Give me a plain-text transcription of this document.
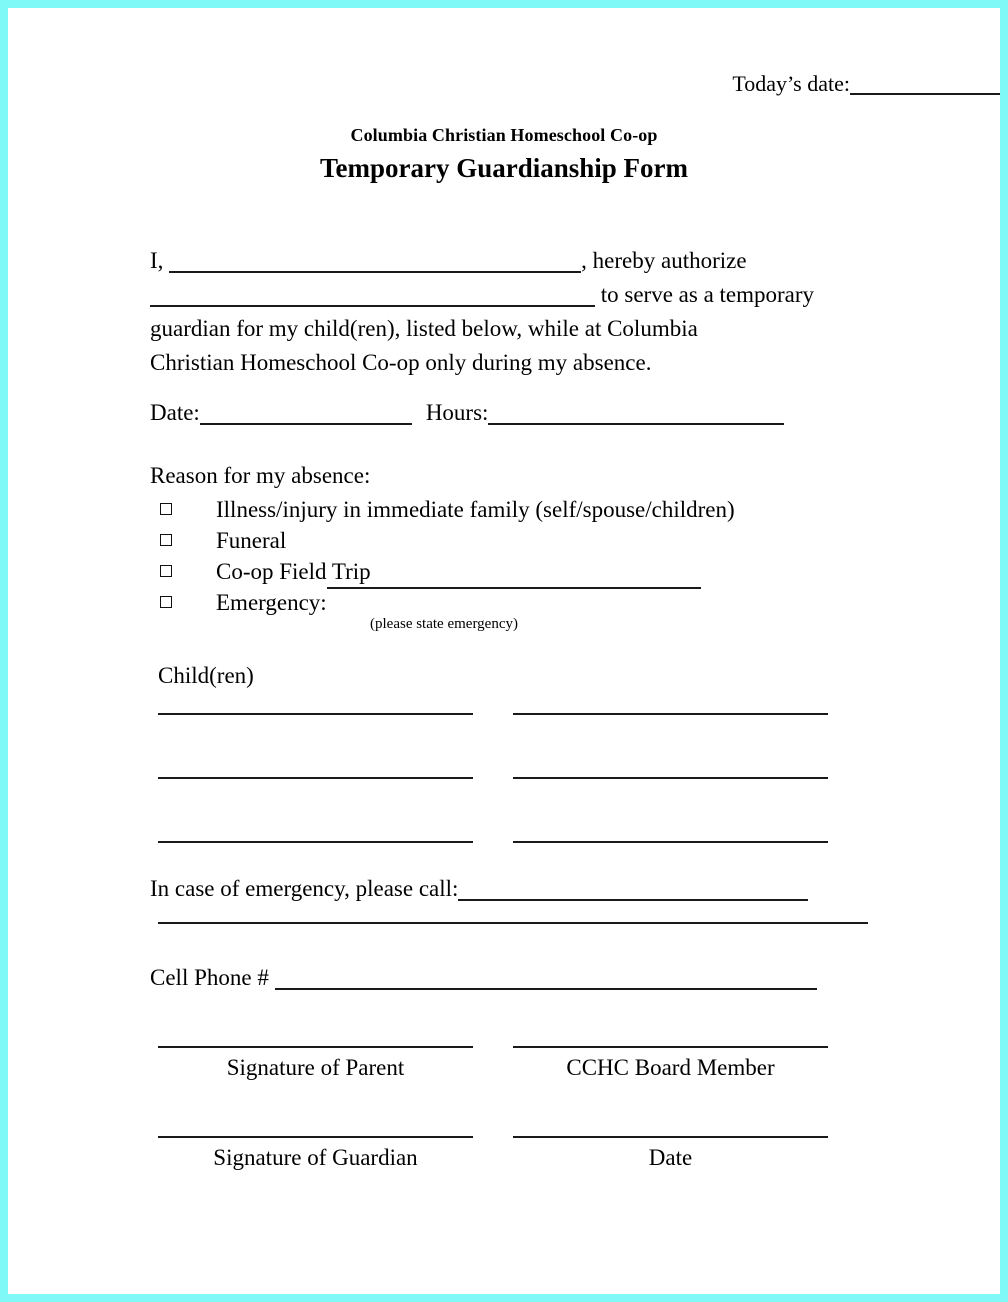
Today’s date:
Columbia Christian Homeschool Co-op
Temporary Guardianship Form
I,	, hereby authorize
to serve as a temporary
guardian for my child(ren), listed below, while at Columbia
Christian Homeschool Co-op only during my absence.
Date:	Hours:
Reason for my absence:
Illness/injury in immediate family (self/spouse/children)
Funeral
Co-op Field Trip
Emergency:
(please state emergency)
Child(ren)
In case of emergency, please call:
Cell Phone #
Signature of Parent	CCHC Board Member
Signature of Guardian	Date
